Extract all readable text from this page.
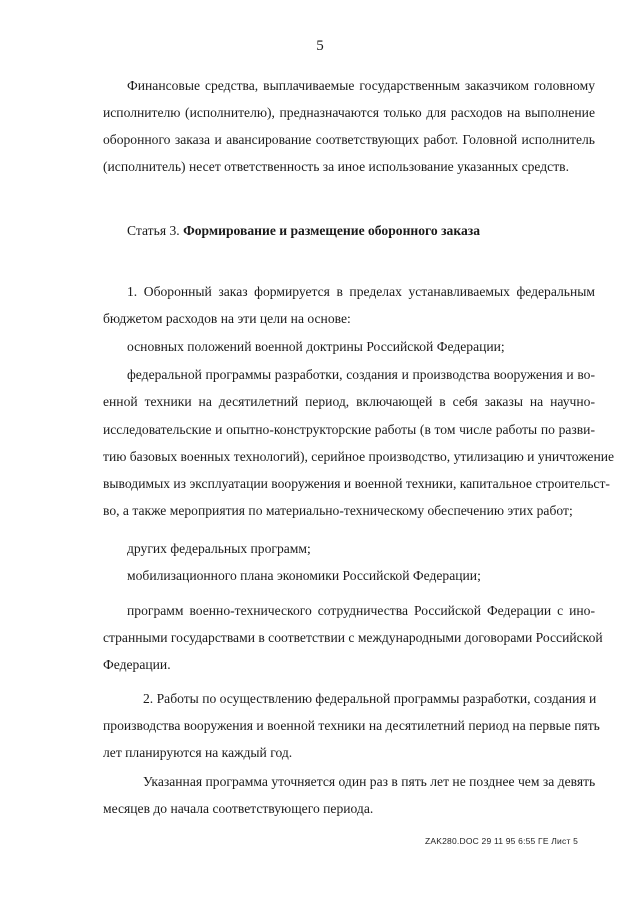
5
Финансовые средства, выплачиваемые государственным заказчиком головному
исполнителю (исполнителю), предназначаются только для расходов на выполнение
оборонного заказа и авансирование соответствующих работ. Головной исполнитель
(исполнитель) несет ответственность за иное использование указанных средств.
Статья 3. Формирование и размещение оборонного заказа
1. Оборонный заказ формируется в пределах устанавливаемых федеральным
бюджетом расходов на эти цели на основе:
основных положений военной доктрины Российской Федерации;
федеральной программы разработки, создания и производства вооружения и во-
енной техники на десятилетний период, включающей в себя заказы на научно-
исследовательские и опытно-конструкторские работы (в том числе работы по разви-
тию базовых военных технологий), серийное производство, утилизацию и уничтожение
выводимых из эксплуатации вооружения и военной техники, капитальное строительст-
во, а также мероприятия по материально-техническому обеспечению этих работ;
других федеральных программ;
мобилизационного плана экономики Российской Федерации;
программ военно-технического сотрудничества Российской Федерации с ино-
странными государствами в соответствии с международными договорами Российской
Федерации.
2. Работы по осуществлению федеральной программы разработки, создания и
производства вооружения и военной техники на десятилетний период на первые пять
лет планируются на каждый год.
Указанная программа уточняется один раз в пять лет не позднее чем за девять
месяцев до начала соответствующего периода.
ZAK280.DOC 29 11 95 6:55 ГЕ Лист 5
